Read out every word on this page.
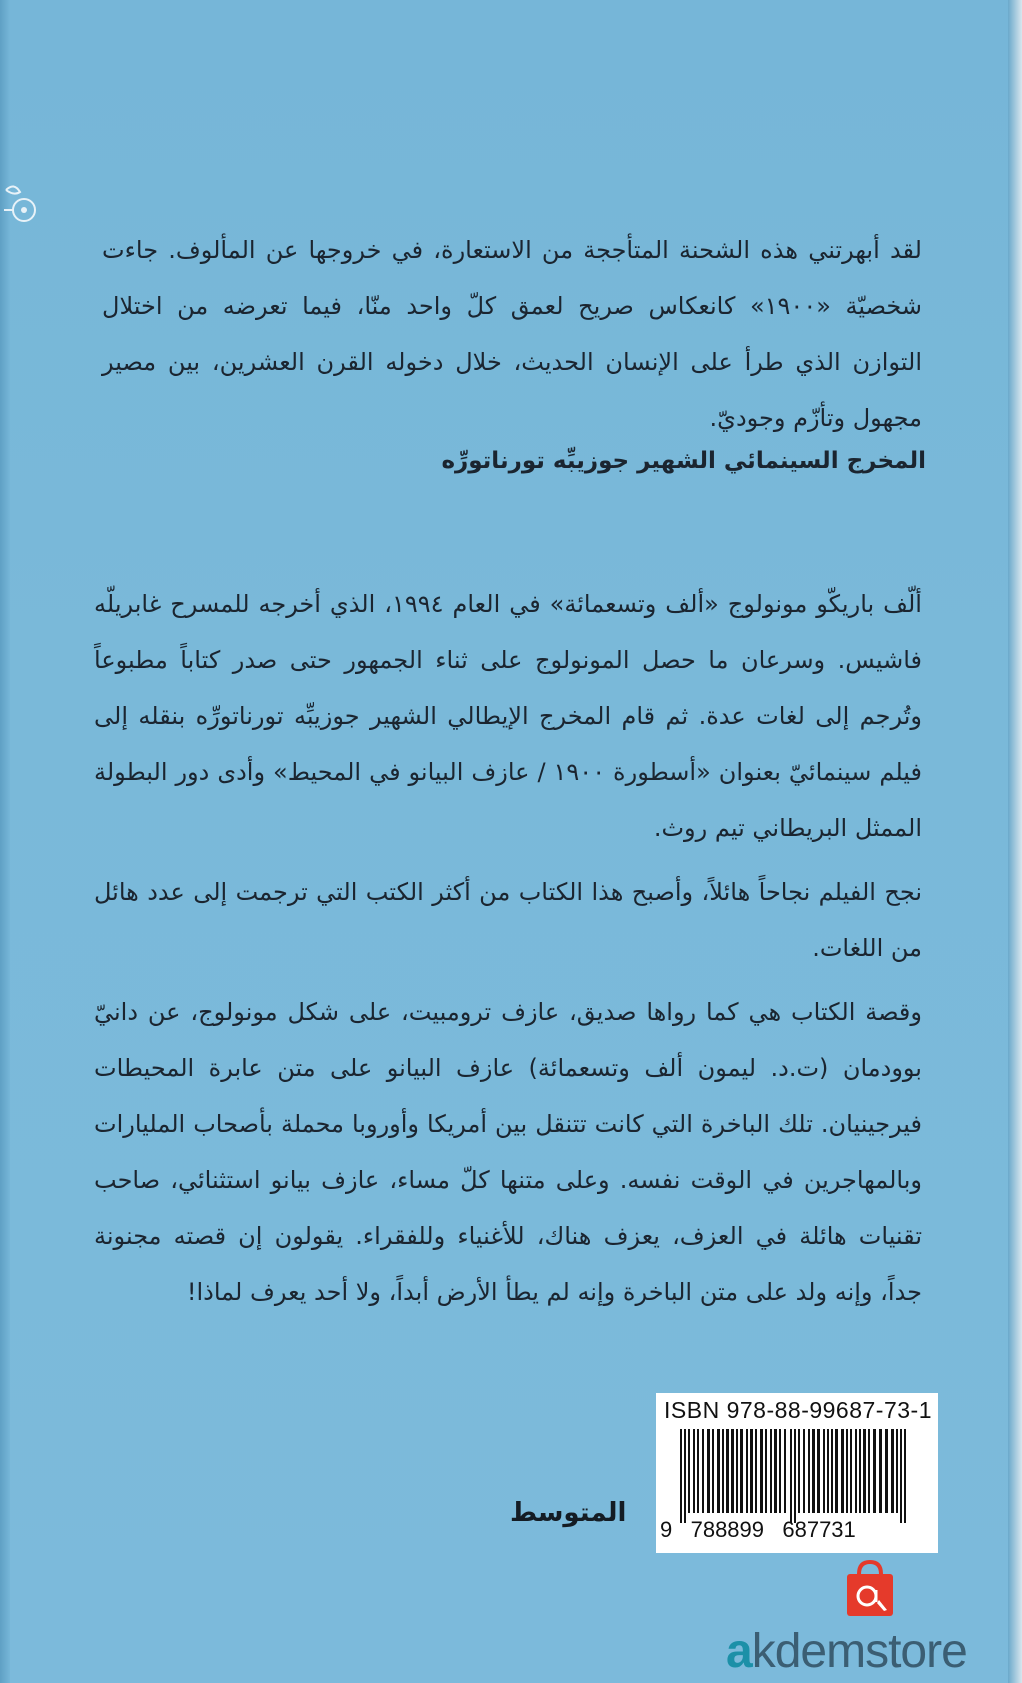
لقد أبهرتني هذه الشحنة المتأججة من الاستعارة، في خروجها عن المألوف. جاءت شخصيّة «١٩٠٠» كانعكاس صريح لعمق كلّ واحد منّا، فيما تعرضه من اختلال التوازن الذي طرأ على الإنسان الحديث، خلال دخوله القرن العشرين، بين مصير مجهول وتأزّم وجوديّ.

المخرج السينمائي الشهير جوزيبِّه تورناتورِّه

ألّف باريكّو مونولوج «ألف وتسعمائة» في العام ١٩٩٤، الذي أخرجه للمسرح غابريلّه فاشيس. وسرعان ما حصل المونولوج على ثناء الجمهور حتى صدر كتاباً مطبوعاً وتُرجم إلى لغات عدة. ثم قام المخرج الإيطالي الشهير جوزيبِّه تورناتورِّه بنقله إلى فيلم سينمائيّ بعنوان «أسطورة ١٩٠٠ / عازف البيانو في المحيط» وأدى دور البطولة الممثل البريطاني تيم روث.

نجح الفيلم نجاحاً هائلاً، وأصبح هذا الكتاب من أكثر الكتب التي ترجمت إلى عدد هائل من اللغات.

وقصة الكتاب هي كما رواها صديق، عازف ترومبيت، على شكل مونولوج، عن دانيّ بوودمان (ت.د. ليمون ألف وتسعمائة) عازف البيانو على متن عابرة المحيطات فيرجينيان. تلك الباخرة التي كانت تتنقل بين أمريكا وأوروبا محملة بأصحاب المليارات وبالمهاجرين في الوقت نفسه. وعلى متنها كلّ مساء، عازف بيانو استثنائي، صاحب تقنيات هائلة في العزف، يعزف هناك، للأغنياء وللفقراء. يقولون إن قصته مجنونة جداً، وإنه ولد على متن الباخرة وإنه لم يطأ الأرض أبداً، ولا أحد يعرف لماذا!

ISBN 978-88-99687-73-1
9 788899 687731
المتوسط
akdemstore
